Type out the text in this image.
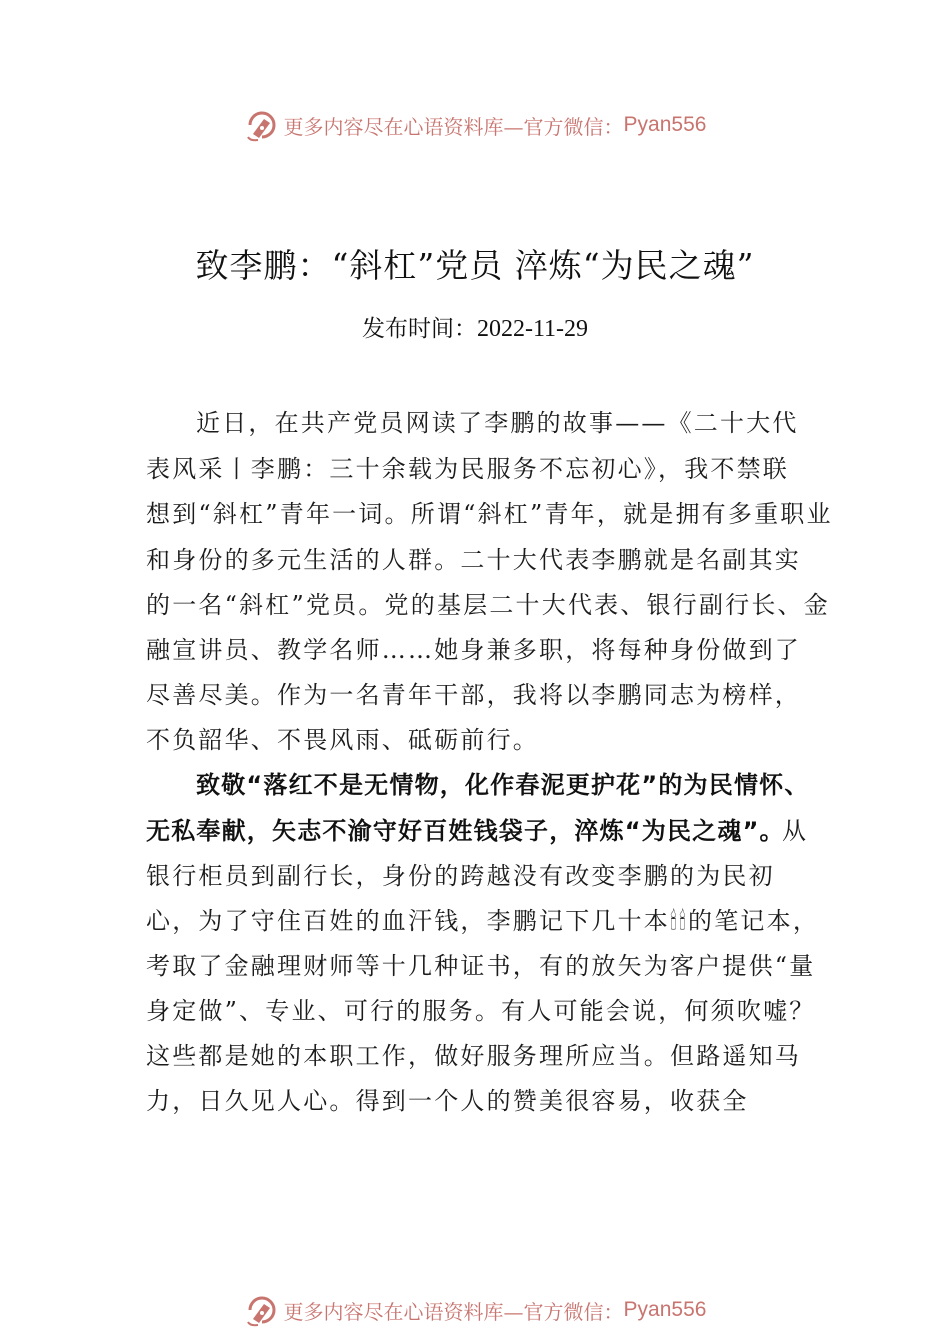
更多内容尽在心语资料库—官方微信： Pyan556
致李鹏：“斜杠”党员 淬炼“为民之魂”
发布时间：2022-11-29
近日，在共产党员网读了李鹏的故事——《二十大代
表风采丨李鹏：三十余载为民服务不忘初心》，我不禁联
想到“斜杠”青年一词。所谓“斜杠”青年，就是拥有多重职业
和身份的多元生活的人群。二十大代表李鹏就是名副其实
的一名“斜杠”党员。党的基层二十大代表、银行副行长、金
融宣讲员、教学名师……她身兼多职，将每种身份做到了
尽善尽美。作为一名青年干部，我将以李鹏同志为榜样，
不负韶华、不畏风雨、砥砺前行。
致敬“落红不是无情物，化作春泥更护花”的为民情怀、
无私奉献，矢志不渝守好百姓钱袋子，淬炼“为民之魂”。
从
银行柜员到副行长，身份的跨越没有改变李鹏的为民初
心，为了守住百姓的血汗钱，李鹏记下几十本🕯🕯的笔记本，
考取了金融理财师等十几种证书，有的放矢为客户提供“量
身定做”、专业、可行的服务。有人可能会说，何须吹嘘？
这些都是她的本职工作，做好服务理所应当。但路遥知马
力，日久见人心。得到一个人的赞美很容易，收获全
更多内容尽在心语资料库—官方微信： Pyan556
